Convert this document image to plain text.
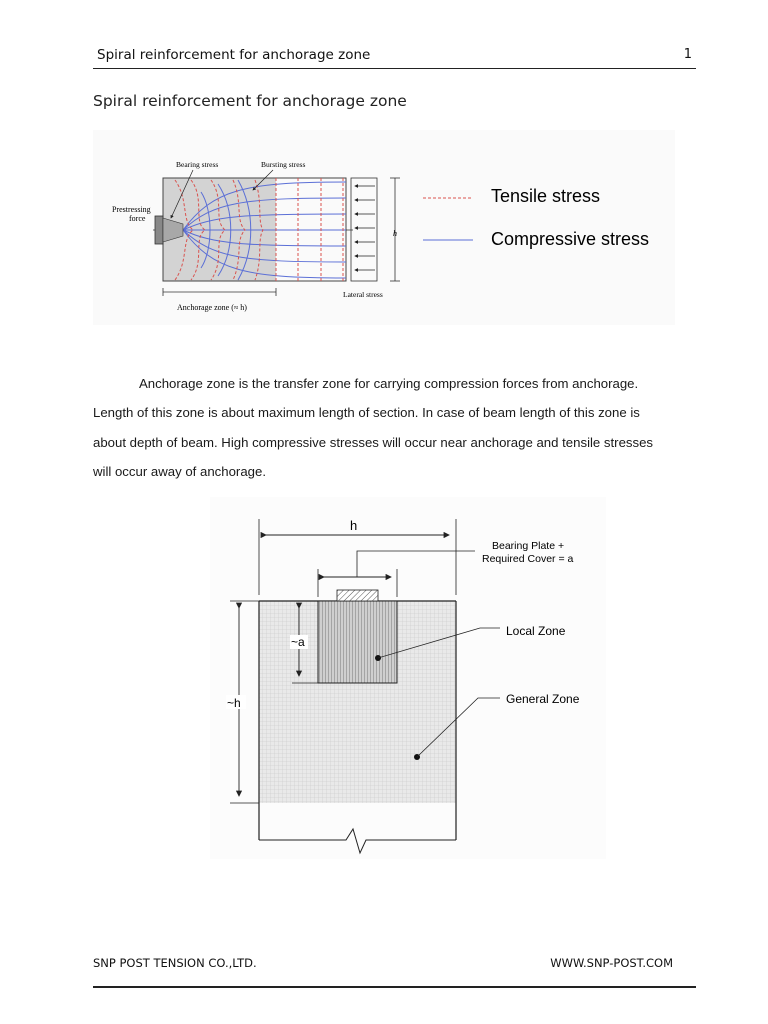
Spiral reinforcement for anchorage zone	1
Spiral reinforcement for anchorage zone
h
Anchorage zone (≈ h)
Lateral stress
Bearing stress	Bursting stress
Prestressing
force
Tensile stress
Compressive stress
Anchorage zone is the transfer zone for carrying compression forces from anchorage. Length of this zone is about maximum length of section. In case of beam length of this zone is about depth of beam. High compressive stresses will occur near anchorage and tensile stresses will occur away of anchorage.
h
Bearing Plate +
Required Cover = a
~a
~h
Local Zone
General Zone
SNP POST TENSION CO.,LTD.	WWW.SNP-POST.COM
